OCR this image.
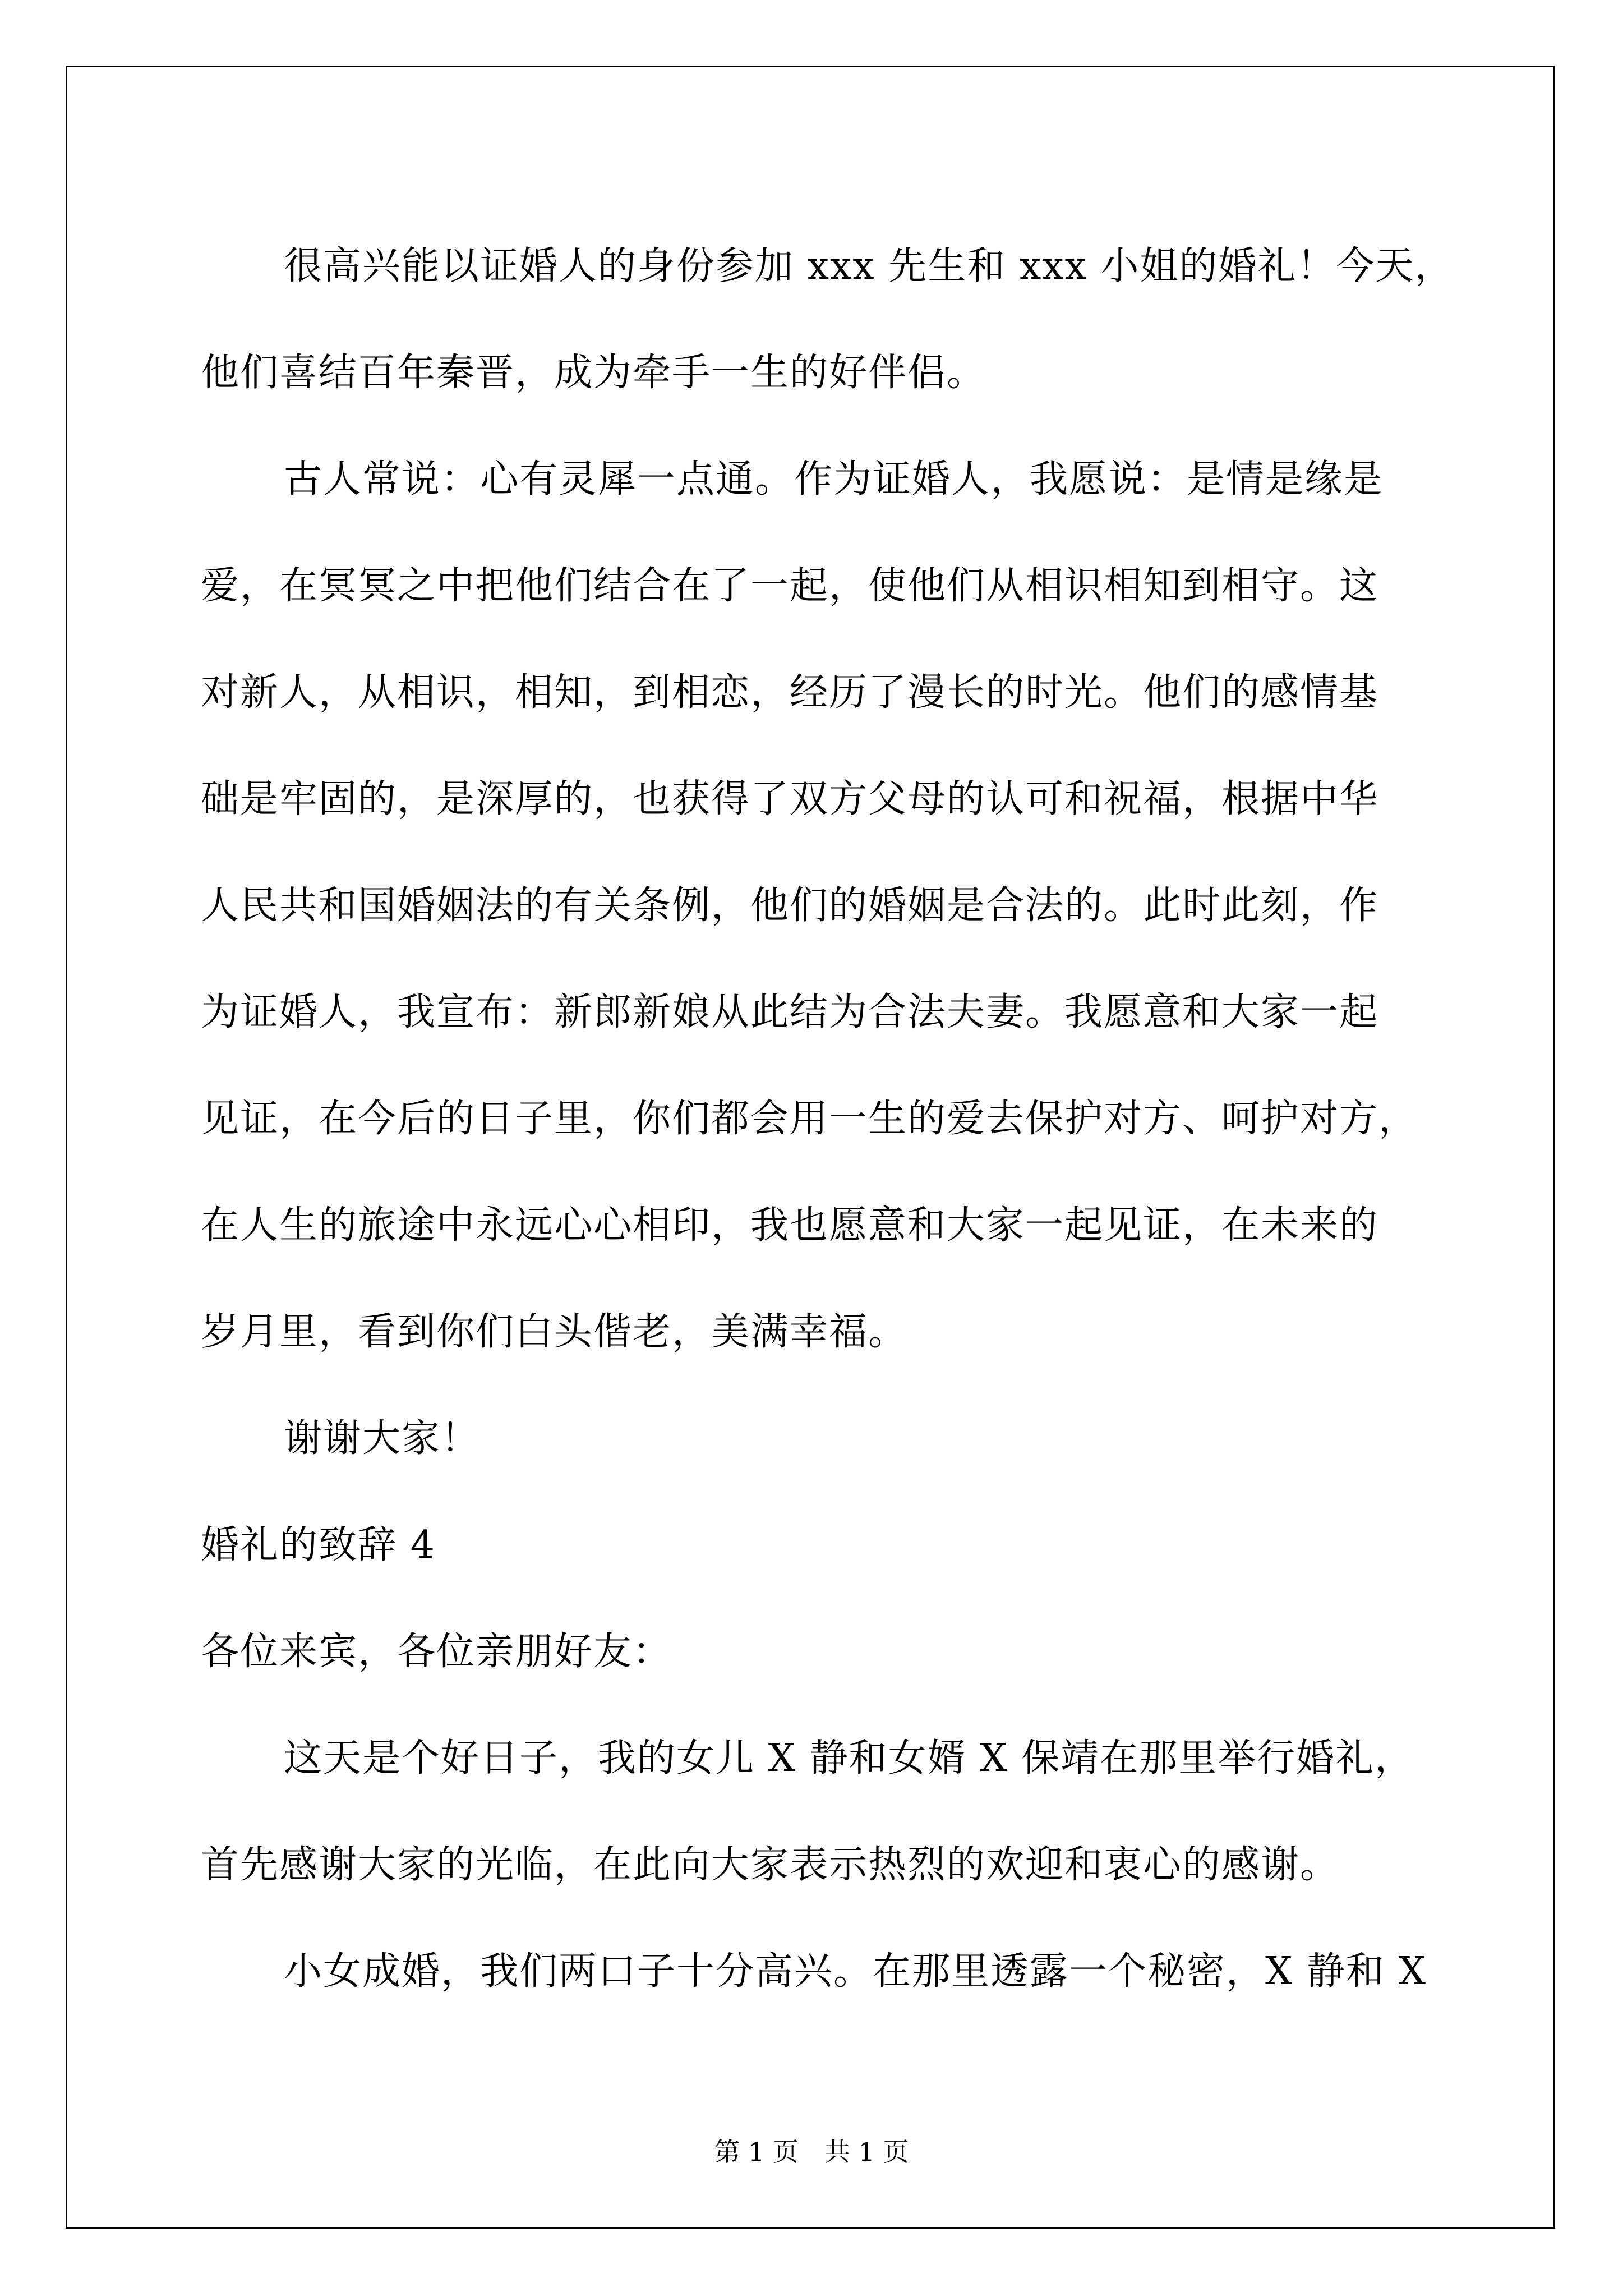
很高兴能以证婚人的身份参加 xxx 先生和 xxx 小姐的婚礼！今天，
他们喜结百年秦晋，成为牵手一生的好伴侣。
古人常说：心有灵犀一点通。作为证婚人，我愿说：是情是缘是
爱，在冥冥之中把他们结合在了一起，使他们从相识相知到相守。这
对新人，从相识，相知，到相恋，经历了漫长的时光。他们的感情基
础是牢固的，是深厚的，也获得了双方父母的认可和祝福，根据中华
人民共和国婚姻法的有关条例，他们的婚姻是合法的。此时此刻，作
为证婚人，我宣布：新郎新娘从此结为合法夫妻。我愿意和大家一起
见证，在今后的日子里，你们都会用一生的爱去保护对方、呵护对方，
在人生的旅途中永远心心相印，我也愿意和大家一起见证，在未来的
岁月里，看到你们白头偕老，美满幸福。
谢谢大家！
婚礼的致辞 4
各位来宾，各位亲朋好友：
这天是个好日子，我的女儿 X 静和女婿 X 保靖在那里举行婚礼，
首先感谢大家的光临，在此向大家表示热烈的欢迎和衷心的感谢。
小女成婚，我们两口子十分高兴。在那里透露一个秘密，X 静和 X
第 1 页　共 1 页
